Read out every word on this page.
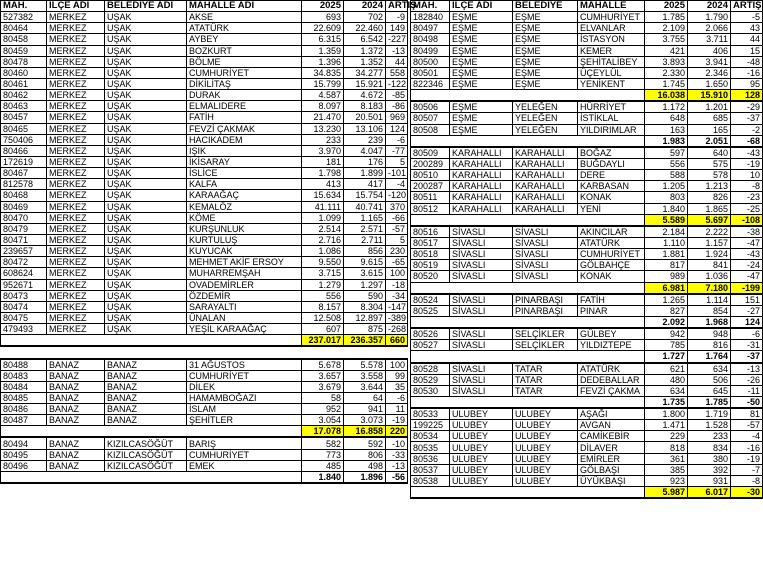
MAH.	İLÇE ADI	BELEDİYE ADI	MAHALLE ADI	2025	2024	ARTIŞ
527382	MERKEZ	UŞAK	AKSE	693	702	-9
80464	MERKEZ	UŞAK	ATATÜRK	22.609	22.460	149
80458	MERKEZ	UŞAK	AYBEY	6.315	6.542	-227
80459	MERKEZ	UŞAK	BOZKURT	1.359	1.372	-13
80478	MERKEZ	UŞAK	BÖLME	1.396	1.352	44
80460	MERKEZ	UŞAK	CUMHURİYET	34.835	34.277	558
80461	MERKEZ	UŞAK	DİKİLİTAŞ	15.799	15.921	-122
80462	MERKEZ	UŞAK	DURAK	4.587	4.672	-85
80463	MERKEZ	UŞAK	ELMALIDERE	8.097	8.183	-86
80457	MERKEZ	UŞAK	FATİH	21.470	20.501	969
80465	MERKEZ	UŞAK	FEVZİ ÇAKMAK	13.230	13.106	124
750406	MERKEZ	UŞAK	HACIKADEM	233	239	-6
80466	MERKEZ	UŞAK	IŞIK	3.970	4.047	-77
172619	MERKEZ	UŞAK	İKİSARAY	181	176	5
80467	MERKEZ	UŞAK	İSLİCE	1.798	1.899	-101
812578	MERKEZ	UŞAK	KALFA	413	417	-4
80468	MERKEZ	UŞAK	KARAAĞAÇ	15.634	15.754	-120
80469	MERKEZ	UŞAK	KEMALÖZ	41.111	40.741	370
80470	MERKEZ	UŞAK	KÖME	1.099	1.165	-66
80479	MERKEZ	UŞAK	KURŞUNLUK	2.514	2.571	-57
80471	MERKEZ	UŞAK	KURTULUŞ	2.716	2.711	5
239657	MERKEZ	UŞAK	KUYUCAK	1.086	856	230
80472	MERKEZ	UŞAK	MEHMET AKİF ERSOY	9.550	9.615	-65
608624	MERKEZ	UŞAK	MUHARREMŞAH	3.715	3.615	100
952671	MERKEZ	UŞAK	OVADEMİRLER	1.279	1.297	-18
80473	MERKEZ	UŞAK	ÖZDEMİR	556	590	-34
80474	MERKEZ	UŞAK	SARAYALTI	8.157	8.304	-147
80475	MERKEZ	UŞAK	ÜNALAN	12.508	12.897	-389
479493	MERKEZ	UŞAK	YEŞİL KARAAĞAÇ	607	875	-268
				237.017	236.357	660

80488	BANAZ	BANAZ	31 AĞUSTOS	5.678	5.578	100
80483	BANAZ	BANAZ	CUMHURİYET	3.657	3.558	99
80484	BANAZ	BANAZ	DİLEK	3.679	3.644	35
80485	BANAZ	BANAZ	HAMAMBOĞAZI	58	64	-6
80486	BANAZ	BANAZ	İSLAM	952	941	11
80487	BANAZ	BANAZ	ŞEHİTLER	3.054	3.073	-19
				17.078	16.858	220
80494	BANAZ	KIZILCASÖĞÜT	BARIŞ	582	592	-10
80495	BANAZ	KIZILCASÖĞÜT	CUMHURİYET	773	806	-33
80496	BANAZ	KIZILCASÖĞÜT	EMEK	485	498	-13
				1.840	1.896	-56
MAH.	İLÇE ADI	BELEDİYE	MAHALLE	2025	2024	ARTIŞ
182840	EŞME	EŞME	CUMHURİYET	1.785	1.790	-5
80497	EŞME	EŞME	ELVANLAR	2.109	2.066	43
80498	EŞME	EŞME	İSTASYON	3.755	3.711	44
80499	EŞME	EŞME	KEMER	421	406	15
80500	EŞME	EŞME	ŞEHİTALİBEY	3.893	3.941	-48
80501	EŞME	EŞME	ÜÇEYLÜL	2.330	2.346	-16
822346	EŞME	EŞME	YENİKENT	1.745	1.650	95
				16.038	15.910	128
80506	EŞME	YELEĞEN	HÜRRİYET	1.172	1.201	-29
80507	EŞME	YELEĞEN	İSTİKLAL	648	685	-37
80508	EŞME	YELEĞEN	YILDIRIMLAR	163	165	-2
				1.983	2.051	-68
80509	KARAHALLI	KARAHALLI	BOĞAZ	597	640	-43
200289	KARAHALLI	KARAHALLI	BUĞDAYLI	556	575	-19
80510	KARAHALLI	KARAHALLI	DERE	588	578	10
200287	KARAHALLI	KARAHALLI	KARBASAN	1.205	1.213	-8
80511	KARAHALLI	KARAHALLI	KONAK	803	826	-23
80512	KARAHALLI	KARAHALLI	YENİ	1.840	1.865	-25
				5.589	5.697	-108
80516	SİVASLI	SİVASLI	AKINCILAR	2.184	2.222	-38
80517	SİVASLI	SİVASLI	ATATÜRK	1.110	1.157	-47
80518	SİVASLI	SİVASLI	CUMHURİYET	1.881	1.924	-43
80519	SİVASLI	SİVASLI	GÖLBAHÇE	817	841	-24
80520	SİVASLI	SİVASLI	KONAK	989	1.036	-47
				6.981	7.180	-199
80524	SİVASLI	PINARBAŞI	FATİH	1.265	1.114	151
80525	SİVASLI	PINARBAŞI	PINAR	827	854	-27
				2.092	1.968	124
80526	SİVASLI	SELÇİKLER	GÜLBEY	942	948	-6
80527	SİVASLI	SELÇİKLER	YILDIZTEPE	785	816	-31
				1.727	1.764	-37
80528	SİVASLI	TATAR	ATATÜRK	621	634	-13
80529	SİVASLI	TATAR	DEDEBALLAR	480	506	-26
80530	SİVASLI	TATAR	FEVZİ ÇAKMA	634	645	-11
				1.735	1.785	-50
80533	ULUBEY	ULUBEY	AŞAĞI	1.800	1.719	81
199225	ULUBEY	ULUBEY	AVGAN	1.471	1.528	-57
80534	ULUBEY	ULUBEY	CAMİKEBİR	229	233	-4
80535	ULUBEY	ULUBEY	DİLAVER	818	834	-16
80536	ULUBEY	ULUBEY	EMİRLER	361	380	-19
80537	ULUBEY	ULUBEY	GÖLBAŞI	385	392	-7
80538	ULUBEY	ULUBEY	ÜYÜKBAŞI	923	931	-8
				5.987	6.017	-30
